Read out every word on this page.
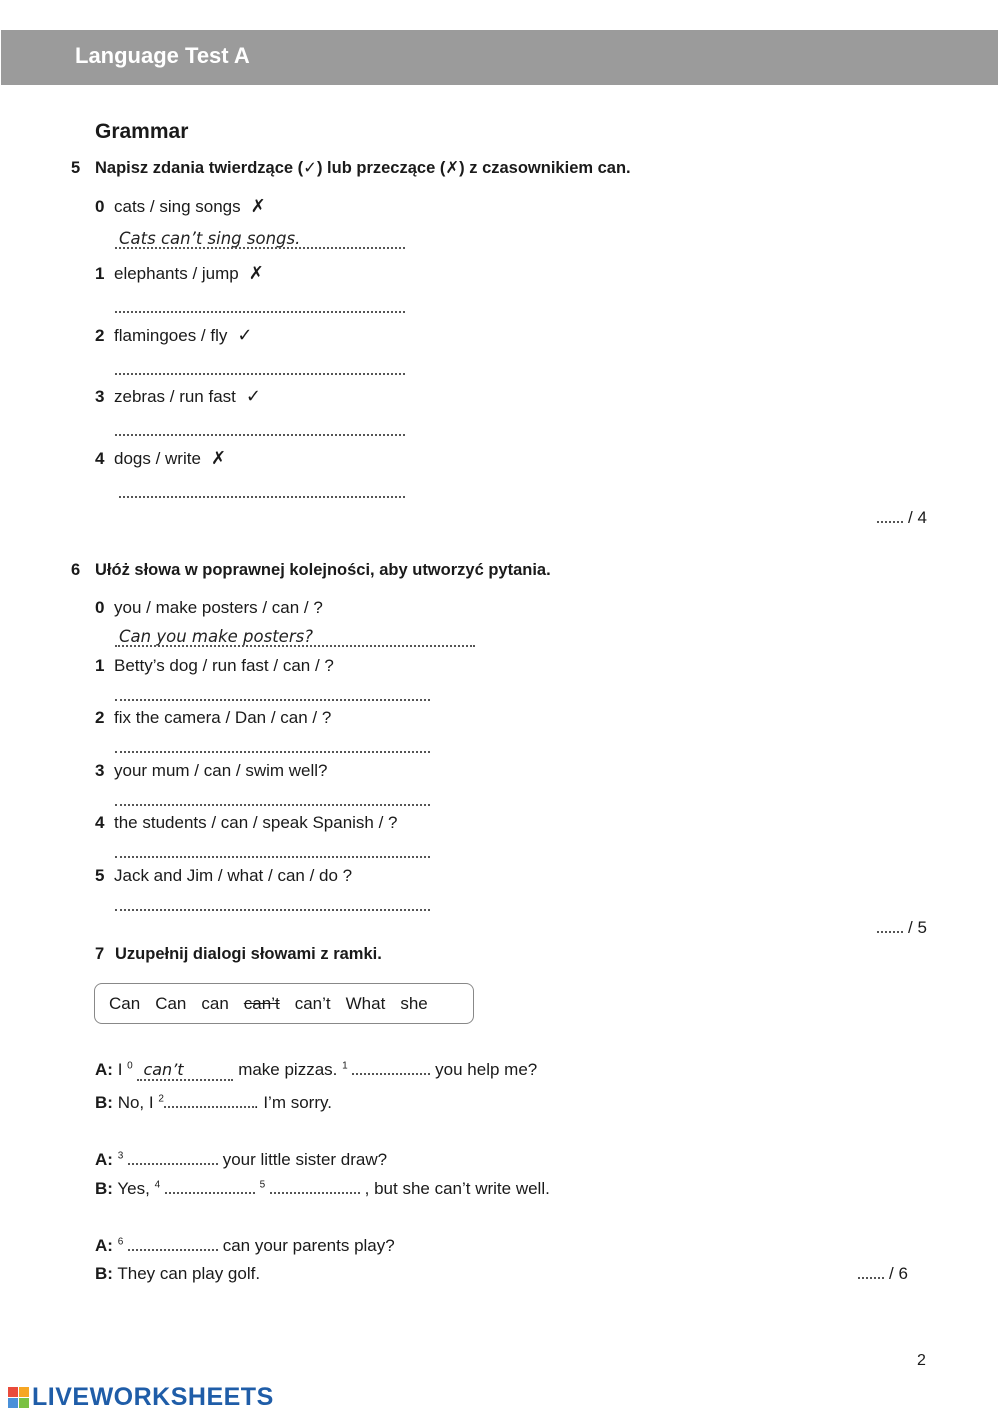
Language Test A
Grammar
5 Napisz zdania twierdzące (✓) lub przeczące (✗) z czasownikiem can.
0 cats / sing songs ✗
Cats can’t sing songs.
1 elephants / jump ✗
2 flamingoes / fly ✓
3 zebras / run fast ✓
4 dogs / write ✗
/ 4
6 Ułóż słowa w poprawnej kolejności, aby utworzyć pytania.
0 you / make posters / can / ?
Can you make posters?
1 Betty’s dog / run fast / can / ?
2 fix the camera / Dan / can / ?
3 your mum / can / swim well?
4 the students / can / speak Spanish / ?
5 Jack and Jim / what / can / do ?
/ 5
7 Uzupełnij dialogi słowami z ramki.
Can Can can can’t can’t What she
A: I $^0$ can’t	make pizzas. $^1$	you help me?
B: No, I $^2$	. I’m sorry.
A: $^3$	your little sister draw?
B: Yes, $^4$	$^5$	, but she can’t write well.
A: $^6$	can your parents play?
B: They can play golf.	/ 6
2
LIVEWORKSHEETS
